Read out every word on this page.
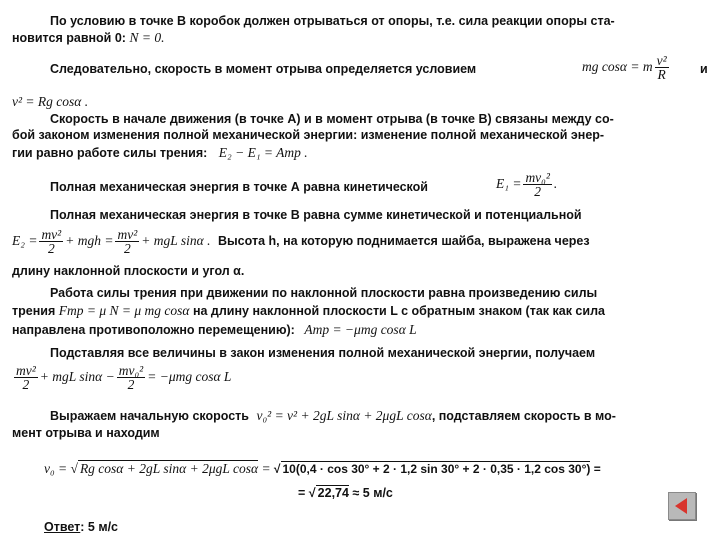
По условию в точке В коробок должен отрываться от опоры, т.е. сила реакции опоры ста-
новится равной 0: N = 0.
Следовательно, скорость в момент отрыва определяется условием	mg cosα = m $\frac{\text{v²}}{R}$	и
v² = Rg cosα .
Скорость в начале движения (в точке А) и в момент отрыва (в точке В) связаны между со-
бой законом изменения полной механической энергии: изменение полной механической энер-
гии равно работе силы трения: E₂ − E₁ = Aтр .
Полная механическая энергия в точке А равна кинетической	$E_1 = \frac{\text{mv₀²}}{2}$ .
Полная механическая энергия в точке В равна сумме кинетической и потенциальной
$E_2 = \frac{\text{mv²}}{2}$ + mgh = $\frac{\text{mv²}}{2}$ + mgL sinα . Высота h, на которую поднимается шайба, выражена через
длину наклонной плоскости и угол α.
Работа силы трения при движении по наклонной плоскости равна произведению силы
трения Fтр = μ N = μ mg cosα на длину наклонной плоскости L с обратным знаком (так как сила
направлена противоположно перемещению): Aтр = −μmg cosα L
Подставляя все величины в закон изменения полной механической энергии, получаем
$\frac{\text{mv²}}{2}$ + mgL $\sin\alpha - \frac{\text{mv₀²}}{2} = -\mu mg$ cosα L
Выражаем начальную скорость v₀² = v² + 2gL sinα + 2μgL cosα, подставляем скорость в мо-
мент отрыва и находим
v₀ = √ Rg cosα + 2gL sinα + 2μgL cosα = √ 10(0,4 · cos 30° + 2 · 1,2 sin 30° + 2 · 0,35 · 1,2 cos 30°) =
= √ 22,74 ≈ 5 м/с
Ответ: 5 м/с
